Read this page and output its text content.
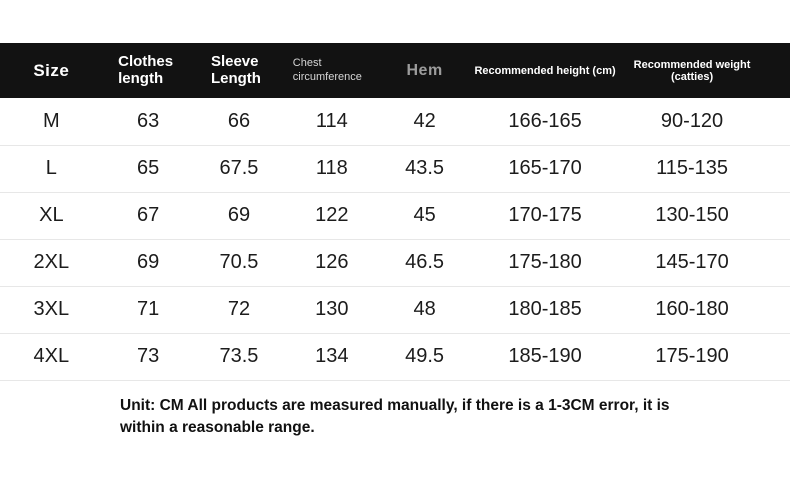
Size	Clothes length	Sleeve Length	Chest circumference	Hem	Recommended height (cm)	Recommended weight (catties)
M	63	66	114	42	166-165	90-120
L	65	67.5	118	43.5	165-170	115-135
XL	67	69	122	45	170-175	130-150
2XL	69	70.5	126	46.5	175-180	145-170
3XL	71	72	130	48	180-185	160-180
4XL	73	73.5	134	49.5	185-190	175-190
Unit: CM All products are measured manually, if there is a 1-3CM error, it is within a reasonable range.
